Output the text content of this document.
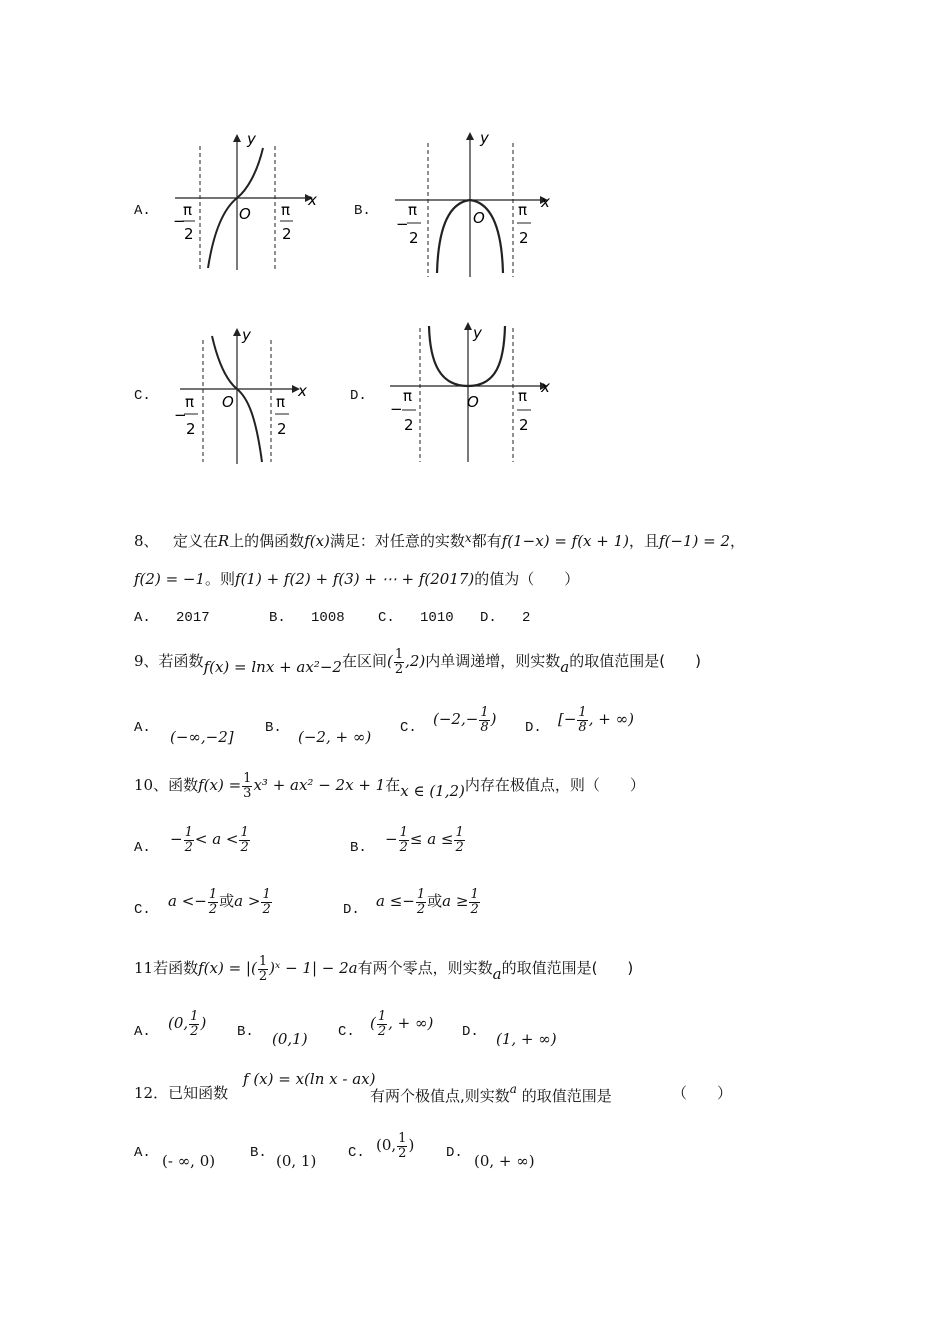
A.	B.
C.	D.
y
x
O
−
π
2
π
2
y
x
O
−
π
2
π
2
y
x
O
−
π
2
π
2
y
x
O
−
π
2
π
2
8、 定义在R上的偶函数f(x)满足：对任意的实数$^x$都有f(1−x) = f(x + 1)，且f(−1) = 2，
f(2) = −1。则f(1) + f(2) + f(3) + ⋯ + f(2017)的值为（　　）
A. 2017	B. 1008 C. 1010 D. 2
9、若函数f(x) = lnx + ax²−2在区间( $\frac{1}{2} ,2$)内单调递增，则实数a的取值范围是(　　)
A. (−∞,−2] B. (−2, + ∞) C. ($-2,- \frac{1}{8}$ ) D. [− $\frac{1}{8}$ , + ∞)
10、函数$f(x) = \frac{1}{3} x^3 + ax^2 - 2x + 1$在x ∈ (1,2)内存在极值点，则（　　）
A. − $\frac{1}{2} < a < \frac{1}{2}$	B. − $\frac{1}{2} \le a \le \frac{1}{2}$
C. $a <- \frac{1}{2}$ 或$a > \frac{1}{2}$	D. $a \le- \frac{1}{2}$ 或$a \ge \frac{1}{2}$
11若函数f(x) = |( $\frac{1}{2}$ )ˣ − 1| − 2a有两个零点，则实数a的取值范围是(　　)
A. (0, $\frac{1}{2}$ ) B. (0,1) C. ( $\frac{1}{2}$ , + ∞) D. (1, + ∞)
12．已知函数
f (x) = x(ln x - ax)
有两个极值点,则实数$^a$ 的取值范围是	（　　）
A. (- ∞, 0) B. (0, 1) C. (0, $\frac{1}{2}$ ) D. (0, + ∞)
